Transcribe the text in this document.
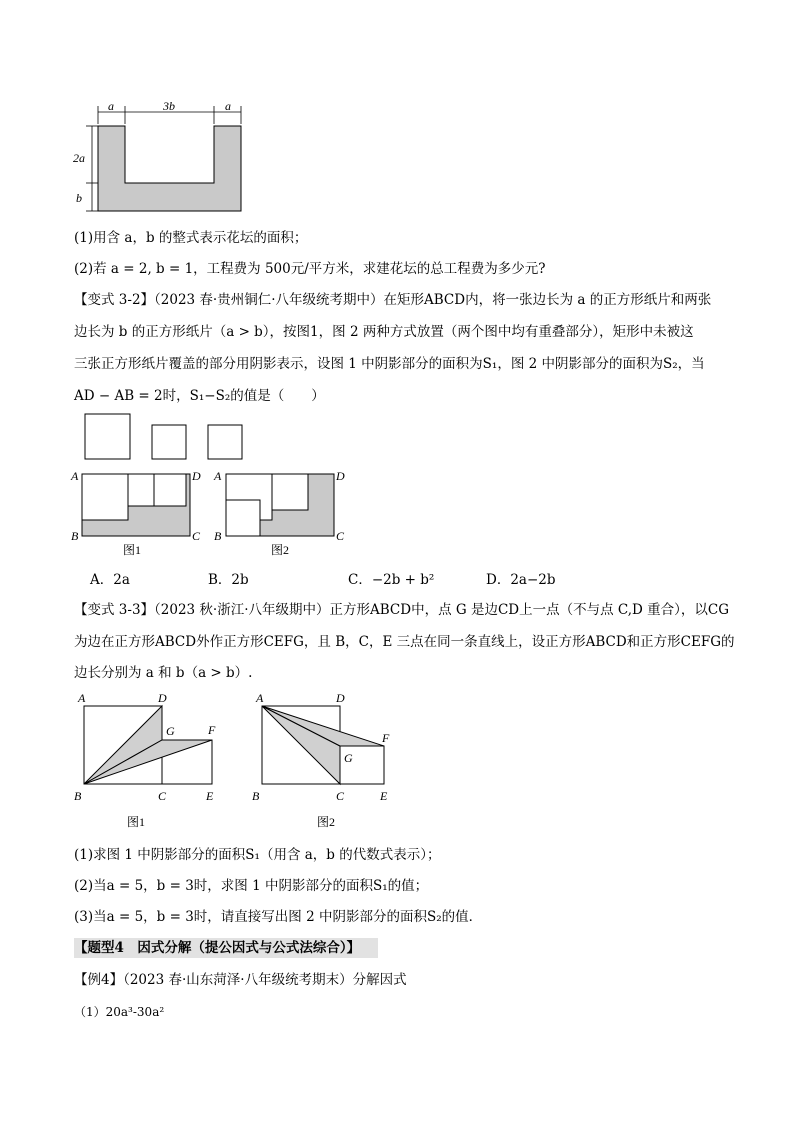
a	3b	a
2a
b
(1)用含 a，b 的整式表示花坛的面积；
(2)若 a = 2, b = 1，工程费为 500元/平方米，求建花坛的总工程费为多少元?
【变式 3-2】（2023 春·贵州铜仁·八年级统考期中）在矩形ABCD内，将一张边长为 a 的正方形纸片和两张
边长为 b 的正方形纸片（a > b），按图1，图 2 两种方式放置（两个图中均有重叠部分），矩形中未被这
三张正方形纸片覆盖的部分用阴影表示，设图 1 中阴影部分的面积为S₁，图 2 中阴影部分的面积为S₂，当
AD − AB = 2时，S₁−S₂的值是（　　）
A	D
B	C
图1
A	D
B	C
图2
A．2a	B．2b	C．−2b + b²	D．2a−2b
【变式 3-3】（2023 秋·浙江·八年级期中）正方形ABCD中，点 G 是边CD上一点（不与点 C,D 重合），以CG
为边在正方形ABCD外作正方形CEFG，且 B，C，E 三点在同一条直线上，设正方形ABCD和正方形CEFG的
边长分别为 a 和 b（a > b）.
A	D
G	F
B	C	E
图1
A	D
F
G
B	C	E
图2
(1)求图 1 中阴影部分的面积S₁（用含 a，b 的代数式表示）；
(2)当a = 5，b = 3时，求图 1 中阴影部分的面积S₁的值；
(3)当a = 5，b = 3时，请直接写出图 2 中阴影部分的面积S₂的值．
【题型4　因式分解（提公因式与公式法综合）】
【例4】（2023 春·山东菏泽·八年级统考期末）分解因式
（1）20a³-30a²
